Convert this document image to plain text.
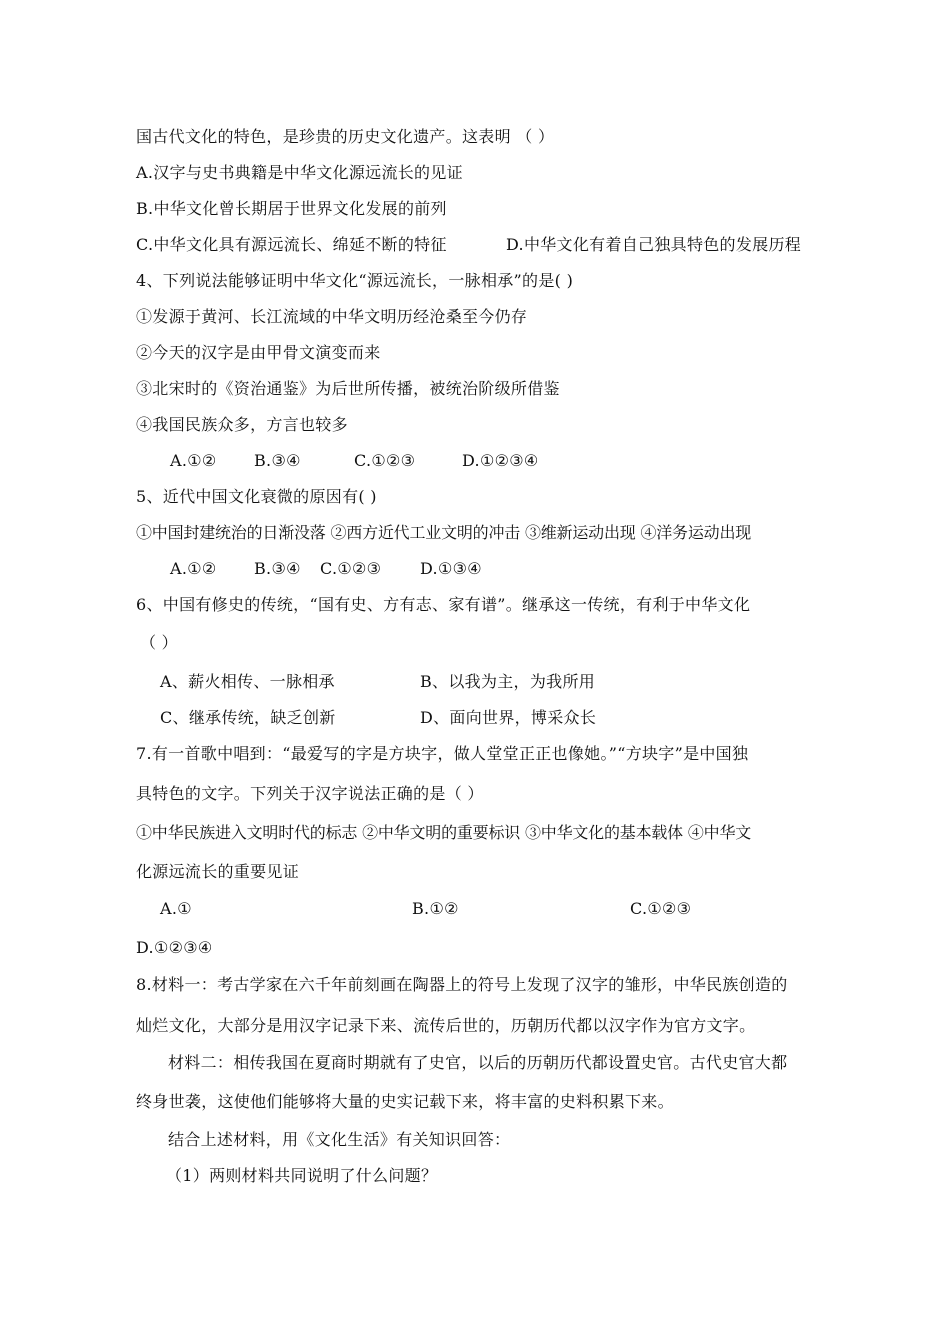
国古代文化的特色，是珍贵的历史文化遗产。这表明 （ ）
A.汉字与史书典籍是中华文化源远流长的见证
B.中华文化曾长期居于世界文化发展的前列
C.中华文化具有源远流长、绵延不断的特征	D.中华文化有着自己独具特色的发展历程
4、下列说法能够证明中华文化“源远流长，一脉相承”的是( )
①发源于黄河、长江流域的中华文明历经沧桑至今仍存
②今天的汉字是由甲骨文演变而来
③北宋时的《资治通鉴》为后世所传播，被统治阶级所借鉴
④我国民族众多，方言也较多
A.①② B.③④	C.①②③	D.①②③④
5、近代中国文化衰微的原因有( )
①中国封建统治的日渐没落 ②西方近代工业文明的冲击 ③维新运动出现 ④洋务运动出现
A.①② B.③④ C.①②③ D.①③④
6、中国有修史的传统，“国有史、方有志、家有谱”。继承这一传统，有利于中华文化
（ ）
A、薪火相传、一脉相承	B、以我为主，为我所用
C、继承传统，缺乏创新	D、面向世界，博采众长
7.有一首歌中唱到：“最爱写的字是方块字，做人堂堂正正也像她。”“方块字”是中国独
具特色的文字。下列关于汉字说法正确的是（ ）
①中华民族进入文明时代的标志 ②中华文明的重要标识 ③中华文化的基本载体 ④中华文
化源远流长的重要见证
A.①	B.①②	C.①②③
D.①②③④
8.材料一：考古学家在六千年前刻画在陶器上的符号上发现了汉字的雏形，中华民族创造的
灿烂文化，大部分是用汉字记录下来、流传后世的，历朝历代都以汉字作为官方文字。
材料二：相传我国在夏商时期就有了史官，以后的历朝历代都设置史官。古代史官大都
终身世袭，这使他们能够将大量的史实记载下来，将丰富的史料积累下来。
结合上述材料，用《文化生活》有关知识回答：
（1）两则材料共同说明了什么问题？
